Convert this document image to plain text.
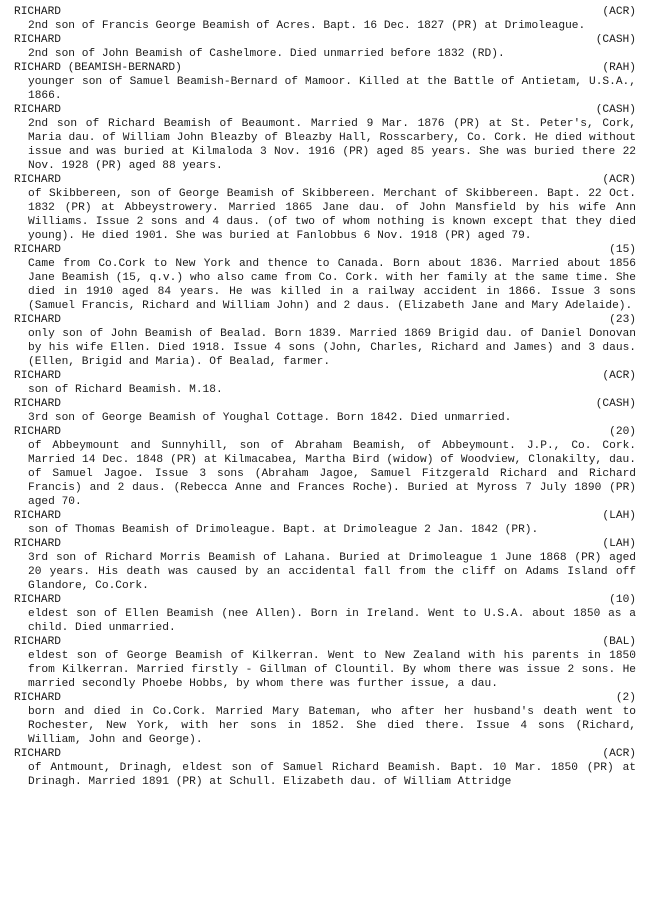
RICHARD	(ACR)
2nd son of Francis George Beamish of Acres. Bapt. 16 Dec. 1827 (PR) at Drimoleague.
RICHARD	(CASH)
2nd son of John Beamish of Cashelmore. Died unmarried before 1832 (RD).
RICHARD (BEAMISH-BERNARD)	(RAH)
younger son of Samuel Beamish-Bernard of Mamoor. Killed at the Battle of Antietam, U.S.A., 1866.
RICHARD	(CASH)
2nd son of Richard Beamish of Beaumont. Married 9 Mar. 1876 (PR) at St. Peter's, Cork, Maria dau. of William John Bleazby of Bleazby Hall, Rosscarbery, Co. Cork. He died without issue and was buried at Kilmaloda 3 Nov. 1916 (PR) aged 85 years. She was buried there 22 Nov. 1928 (PR) aged 88 years.
RICHARD	(ACR)
of Skibbereen, son of George Beamish of Skibbereen. Merchant of Skibbereen. Bapt. 22 Oct. 1832 (PR) at Abbeystrowery. Married 1865 Jane dau. of John Mansfield by his wife Ann Williams. Issue 2 sons and 4 daus. (of two of whom nothing is known except that they died young). He died 1901. She was buried at Fanlobbus 6 Nov. 1918 (PR) aged 79.
RICHARD	(15)
Came from Co.Cork to New York and thence to Canada. Born about 1836. Married about 1856 Jane Beamish (15, q.v.) who also came from Co. Cork. with her family at the same time. She died in 1910 aged 84 years. He was killed in a railway accident in 1866. Issue 3 sons (Samuel Francis, Richard and William John) and 2 daus. (Elizabeth Jane and Mary Adelaide).
RICHARD	(23)
only son of John Beamish of Bealad. Born 1839. Married 1869 Brigid dau. of Daniel Donovan by his wife Ellen. Died 1918. Issue 4 sons (John, Charles, Richard and James) and 3 daus. (Ellen, Brigid and Maria). Of Bealad, farmer.
RICHARD	(ACR)
son of Richard Beamish. M.18.
RICHARD	(CASH)
3rd son of George Beamish of Youghal Cottage. Born 1842. Died unmarried.
RICHARD	(20)
of Abbeymount and Sunnyhill, son of Abraham Beamish, of Abbeymount. J.P., Co. Cork. Married 14 Dec. 1848 (PR) at Kilmacabea, Martha Bird (widow) of Woodview, Clonakilty, dau. of Samuel Jagoe. Issue 3 sons (Abraham Jagoe, Samuel Fitzgerald Richard and Richard Francis) and 2 daus. (Rebecca Anne and Frances Roche). Buried at Myross 7 July 1890 (PR) aged 70.
RICHARD	(LAH)
son of Thomas Beamish of Drimoleague. Bapt. at Drimoleague 2 Jan. 1842 (PR).
RICHARD	(LAH)
3rd son of Richard Morris Beamish of Lahana. Buried at Drimoleague 1 June 1868 (PR) aged 20 years. His death was caused by an accidental fall from the cliff on Adams Island off Glandore, Co.Cork.
RICHARD	(10)
eldest son of Ellen Beamish (nee Allen). Born in Ireland. Went to U.S.A. about 1850 as a child. Died unmarried.
RICHARD	(BAL)
eldest son of George Beamish of Kilkerran. Went to New Zealand with his parents in 1850 from Kilkerran. Married firstly - Gillman of Clountil. By whom there was issue 2 sons. He married secondly Phoebe Hobbs, by whom there was further issue, a dau.
RICHARD	(2)
born and died in Co.Cork. Married Mary Bateman, who after her husband's death went to Rochester, New York, with her sons in 1852. She died there. Issue 4 sons (Richard, William, John and George).
RICHARD	(ACR)
of Antmount, Drinagh, eldest son of Samuel Richard Beamish. Bapt. 10 Mar. 1850 (PR) at Drinagh. Married 1891 (PR) at Schull. Elizabeth dau. of William Attridge
